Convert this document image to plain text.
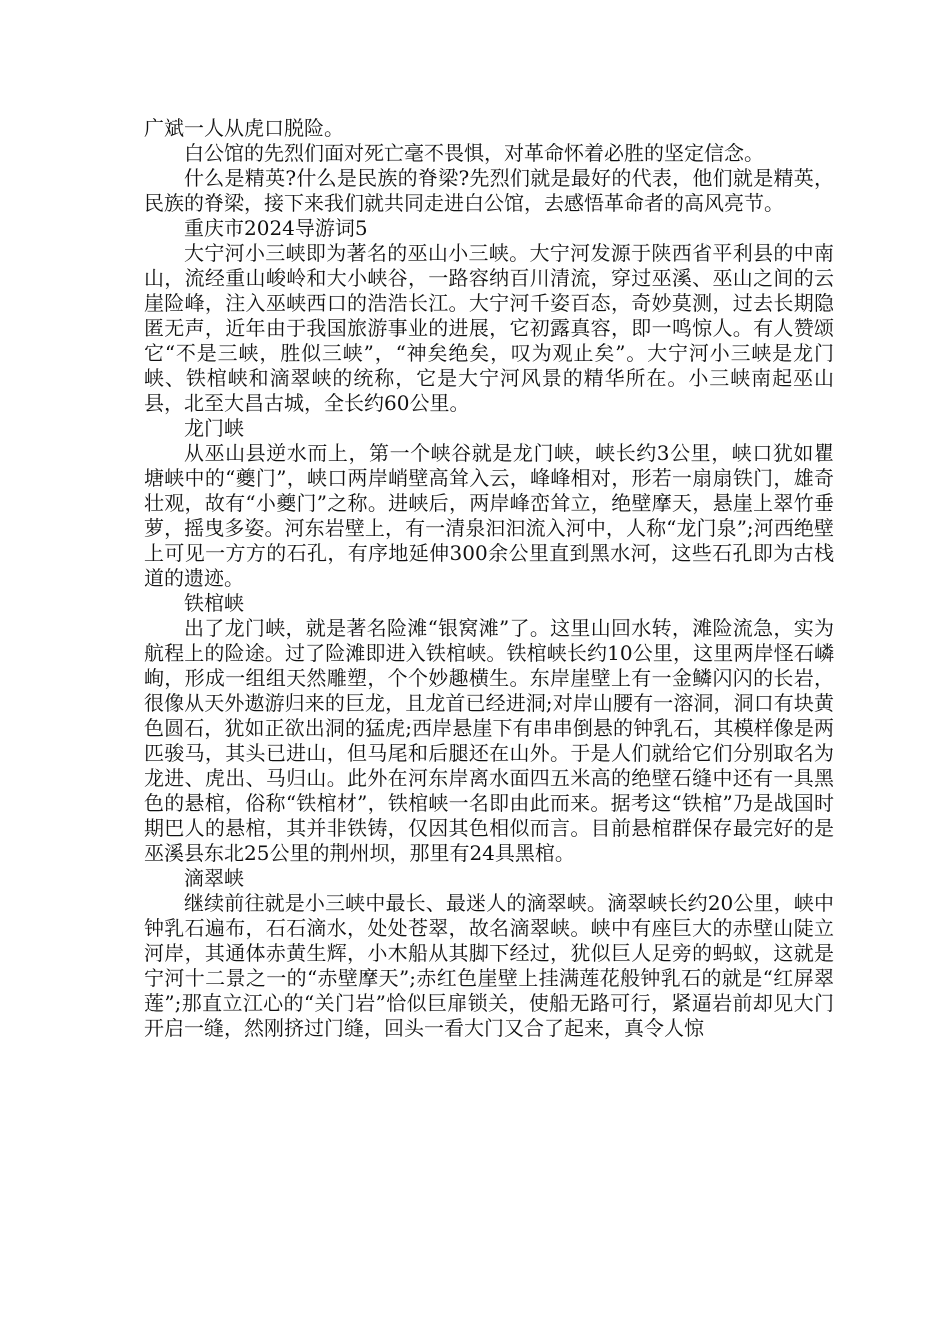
广斌一人从虎口脱险。

白公馆的先烈们面对死亡毫不畏惧，对革命怀着必胜的坚定信念。

什么是精英?什么是民族的脊梁?先烈们就是最好的代表，他们就是精英，民族的脊梁，接下来我们就共同走进白公馆，去感悟革命者的高风亮节。

重庆市2024导游词5

大宁河小三峡即为著名的巫山小三峡。大宁河发源于陕西省平利县的中南山，流经重山峻岭和大小峡谷，一路容纳百川清流，穿过巫溪、巫山之间的云崖险峰，注入巫峡西口的浩浩长江。大宁河千姿百态，奇妙莫测，过去长期隐匿无声，近年由于我国旅游事业的进展，它初露真容，即一鸣惊人。有人赞颂它“不是三峡，胜似三峡”，“神矣绝矣，叹为观止矣”。大宁河小三峡是龙门峡、铁棺峡和滴翠峡的统称，它是大宁河风景的精华所在。小三峡南起巫山县，北至大昌古城，全长约60公里。

龙门峡

从巫山县逆水而上，第一个峡谷就是龙门峡，峡长约3公里，峡口犹如瞿塘峡中的“夔门”，峡口两岸峭壁高耸入云，峰峰相对，形若一扇扇铁门，雄奇壮观，故有“小夔门”之称。进峡后，两岸峰峦耸立，绝壁摩天，悬崖上翠竹垂萝，摇曳多姿。河东岩壁上，有一清泉汩汩流入河中，人称“龙门泉”;河西绝壁上可见一方方的石孔，有序地延伸300余公里直到黑水河，这些石孔即为古栈道的遗迹。

铁棺峡

出了龙门峡，就是著名险滩“银窝滩”了。这里山回水转，滩险流急，实为航程上的险途。过了险滩即进入铁棺峡。铁棺峡长约10公里，这里两岸怪石嶙峋，形成一组组天然雕塑，个个妙趣横生。东岸崖壁上有一金鳞闪闪的长岩，很像从天外遨游归来的巨龙，且龙首已经进洞;对岸山腰有一溶洞，洞口有块黄色圆石，犹如正欲出洞的猛虎;西岸悬崖下有串串倒悬的钟乳石，其模样像是两匹骏马，其头已进山，但马尾和后腿还在山外。于是人们就给它们分别取名为龙进、虎出、马归山。此外在河东岸离水面四五米高的绝壁石缝中还有一具黑色的悬棺，俗称“铁棺材”，铁棺峡一名即由此而来。据考这“铁棺”乃是战国时期巴人的悬棺，其并非铁铸，仅因其色相似而言。目前悬棺群保存最完好的是巫溪县东北25公里的荆州坝，那里有24具黑棺。

滴翠峡

继续前往就是小三峡中最长、最迷人的滴翠峡。滴翠峡长约20公里，峡中钟乳石遍布，石石滴水，处处苍翠，故名滴翠峡。峡中有座巨大的赤壁山陡立河岸，其通体赤黄生辉，小木船从其脚下经过，犹似巨人足旁的蚂蚁，这就是宁河十二景之一的“赤壁摩天”;赤红色崖壁上挂满莲花般钟乳石的就是“红屏翠莲”;那直立江心的“关门岩”恰似巨扉锁关，使船无路可行，紧逼岩前却见大门开启一缝，然刚挤过门缝，回头一看大门又合了起来，真令人惊
